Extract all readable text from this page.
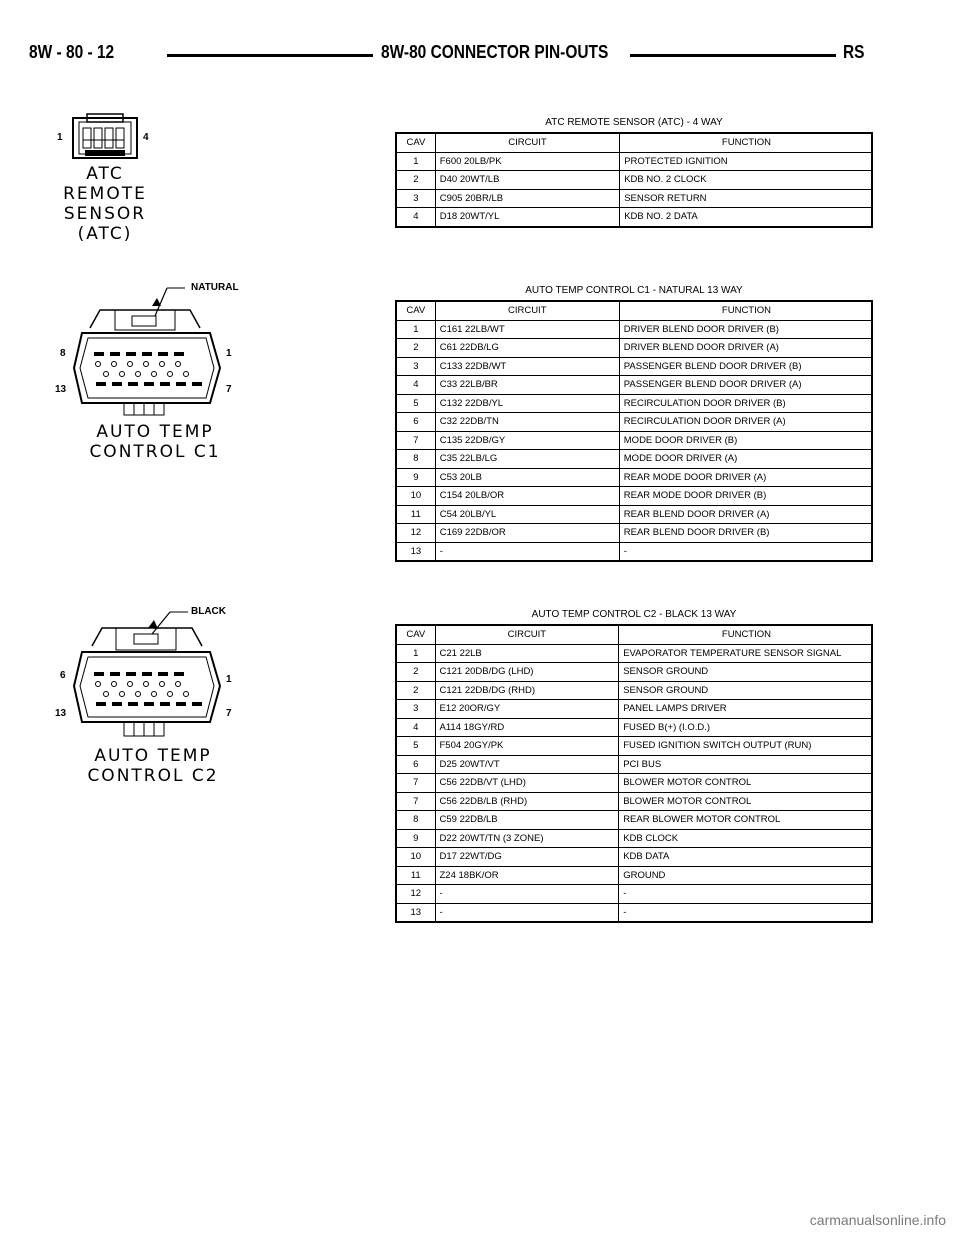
8W - 80 - 12	8W-80 CONNECTOR PIN-OUTS	RS
1	4
ATC
REMOTE
SENSOR
(ATC)
ATC REMOTE SENSOR (ATC) - 4 WAY
CAV	CIRCUIT	FUNCTION
1	F600 20LB/PK	PROTECTED IGNITION
2	D40 20WT/LB	KDB NO. 2 CLOCK
3	C905 20BR/LB	SENSOR RETURN
4	D18 20WT/YL	KDB NO. 2 DATA
NATURAL
8	1
13	7
AUTO TEMP
CONTROL C1
AUTO TEMP CONTROL C1 - NATURAL 13 WAY
CAV	CIRCUIT	FUNCTION
1	C161 22LB/WT	DRIVER BLEND DOOR DRIVER (B)
2	C61 22DB/LG	DRIVER BLEND DOOR DRIVER (A)
3	C133 22DB/WT	PASSENGER BLEND DOOR DRIVER (B)
4	C33 22LB/BR	PASSENGER BLEND DOOR DRIVER (A)
5	C132 22DB/YL	RECIRCULATION DOOR DRIVER (B)
6	C32 22DB/TN	RECIRCULATION DOOR DRIVER (A)
7	C135 22DB/GY	MODE DOOR DRIVER (B)
8	C35 22LB/LG	MODE DOOR DRIVER (A)
9	C53 20LB	REAR MODE DOOR DRIVER (A)
10	C154 20LB/OR	REAR MODE DOOR DRIVER (B)
11	C54 20LB/YL	REAR BLEND DOOR DRIVER (A)
12	C169 22DB/OR	REAR BLEND DOOR DRIVER (B)
13	-	-
BLACK
6	1
13	7
AUTO TEMP
CONTROL C2
AUTO TEMP CONTROL C2 - BLACK 13 WAY
CAV	CIRCUIT	FUNCTION
1	C21 22LB	EVAPORATOR TEMPERATURE SENSOR SIGNAL
2	C121 20DB/DG (LHD)	SENSOR GROUND
2	C121 22DB/DG (RHD)	SENSOR GROUND
3	E12 20OR/GY	PANEL LAMPS DRIVER
4	A114 18GY/RD	FUSED B(+) (I.O.D.)
5	F504 20GY/PK	FUSED IGNITION SWITCH OUTPUT (RUN)
6	D25 20WT/VT	PCI BUS
7	C56 22DB/VT (LHD)	BLOWER MOTOR CONTROL
7	C56 22DB/LB (RHD)	BLOWER MOTOR CONTROL
8	C59 22DB/LB	REAR BLOWER MOTOR CONTROL
9	D22 20WT/TN (3 ZONE)	KDB CLOCK
10	D17 22WT/DG	KDB DATA
11	Z24 18BK/OR	GROUND
12	-	-
13	-	-
carmanualsonline.info
